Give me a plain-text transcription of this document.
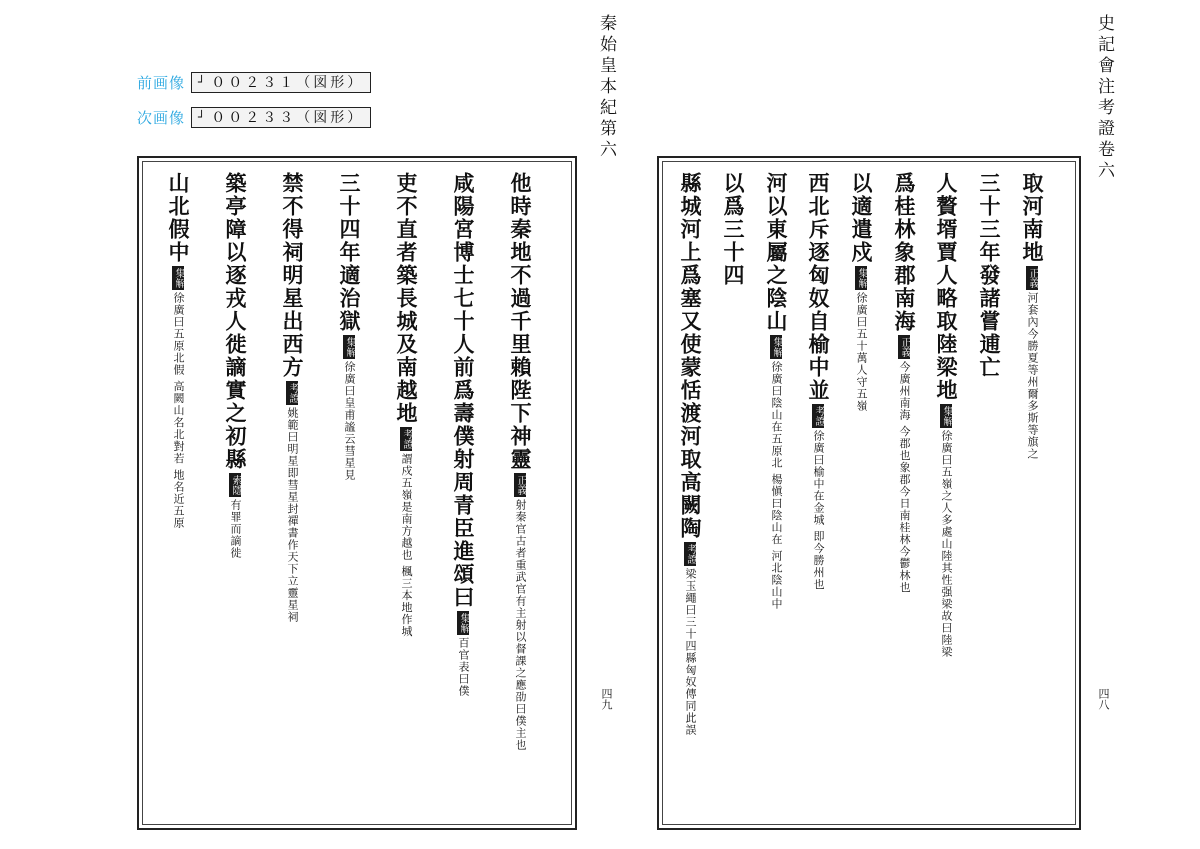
前画像 ┘ ００２３１（図形）
次画像 ┘ ００２３３（図形）
他時秦地不過千里賴陛下神靈正義射秦官古者重武官有主射以督課之應劭曰僕主也
咸陽宮博士七十人前爲壽僕射周青臣進頌曰集解百官表曰僕
吏不直者築長城及南越地考證謂戍五嶺是南方越也 楓三本地作城
三十四年適治獄集解徐廣曰皇甫謐云彗星見
禁不得祠明星出西方考證姚範曰明星即彗星封禪書作天下立靈星祠
築亭障以逐戎人徙謫實之初縣索隱有罪而謫徙
山北假中集解徐廣曰五原北假 高闕山名北對若 地名近五原
秦始皇本紀第六
四九
取河南地正義河套內今勝夏等州爾多斯等旗之
三十三年發諸嘗逋亡
人贅壻賈人略取陸梁地集解徐廣曰五嶺之人多處山陸其性强梁故曰陸梁
爲桂林象郡南海正義今廣州南海 今郡也象郡今日南桂林今鬱林也
以適遣戍集解徐廣曰五十萬人守五嶺
西北斥逐匈奴自榆中並考證徐廣曰榆中在金城 即今勝州也
河以東屬之陰山集解徐廣曰陰山在五原北 楊愼曰陰山在 河北陰山中
以爲三十四
縣城河上爲塞又使蒙恬渡河取高闕陶考證梁玉繩曰三十四縣匈奴傳同此誤
史記會注考證卷六
四八
